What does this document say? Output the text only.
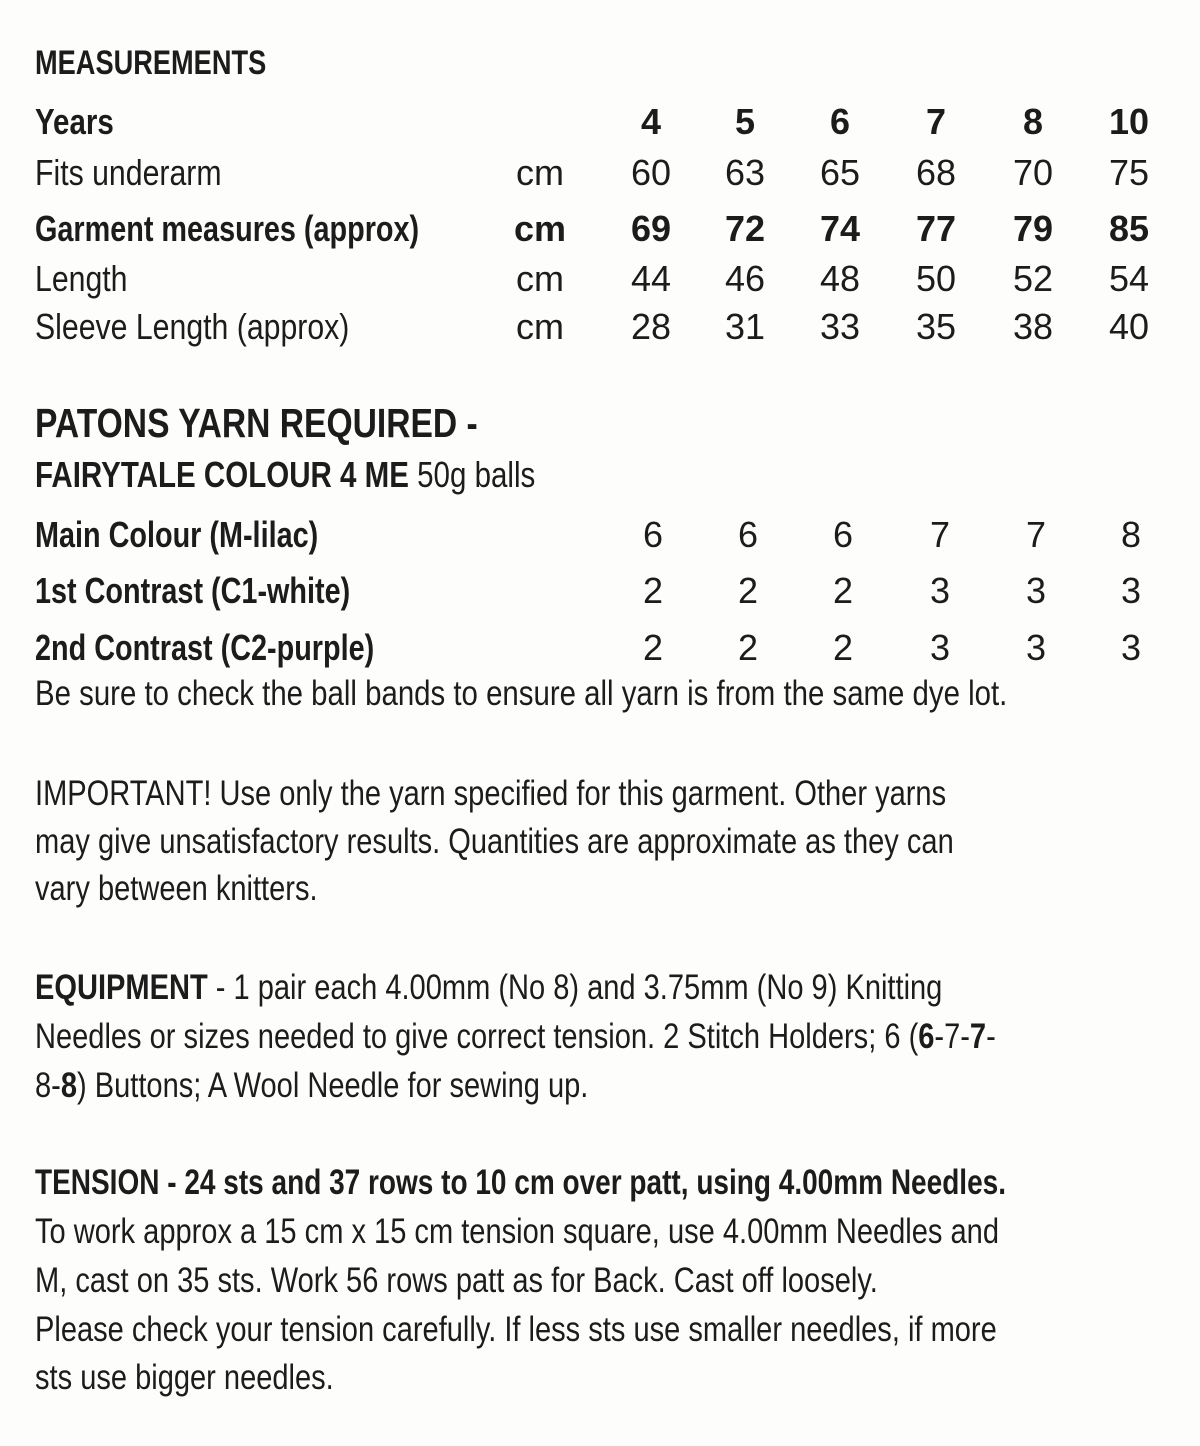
MEASUREMENTS
Years	4	5	6	7	8	10
Fits underarm	cm	60	63	65	68	70	75
Garment measures (approx)	cm	69	72	74	77	79	85
Length	cm	44	46	48	50	52	54
Sleeve Length (approx)	cm	28	31	33	35	38	40
PATONS YARN REQUIRED -
FAIRYTALE COLOUR 4 ME 50g balls
Main Colour (M-lilac)	6	6	6	7	7	8
1st Contrast (C1-white)	2	2	2	3	3	3
2nd Contrast (C2-purple)	2	2	2	3	3	3
Be sure to check the ball bands to ensure all yarn is from the same dye lot.
IMPORTANT! Use only the yarn specified for this garment. Other yarns
may give unsatisfactory results. Quantities are approximate as they can
vary between knitters.
EQUIPMENT - 1 pair each 4.00mm (No 8) and 3.75mm (No 9) Knitting
Needles or sizes needed to give correct tension. 2 Stitch Holders; 6 (6-7-7-
8-8) Buttons; A Wool Needle for sewing up.
TENSION - 24 sts and 37 rows to 10 cm over patt, using 4.00mm Needles.
To work approx a 15 cm x 15 cm tension square, use 4.00mm Needles and
M, cast on 35 sts. Work 56 rows patt as for Back. Cast off loosely.
Please check your tension carefully. If less sts use smaller needles, if more
sts use bigger needles.
